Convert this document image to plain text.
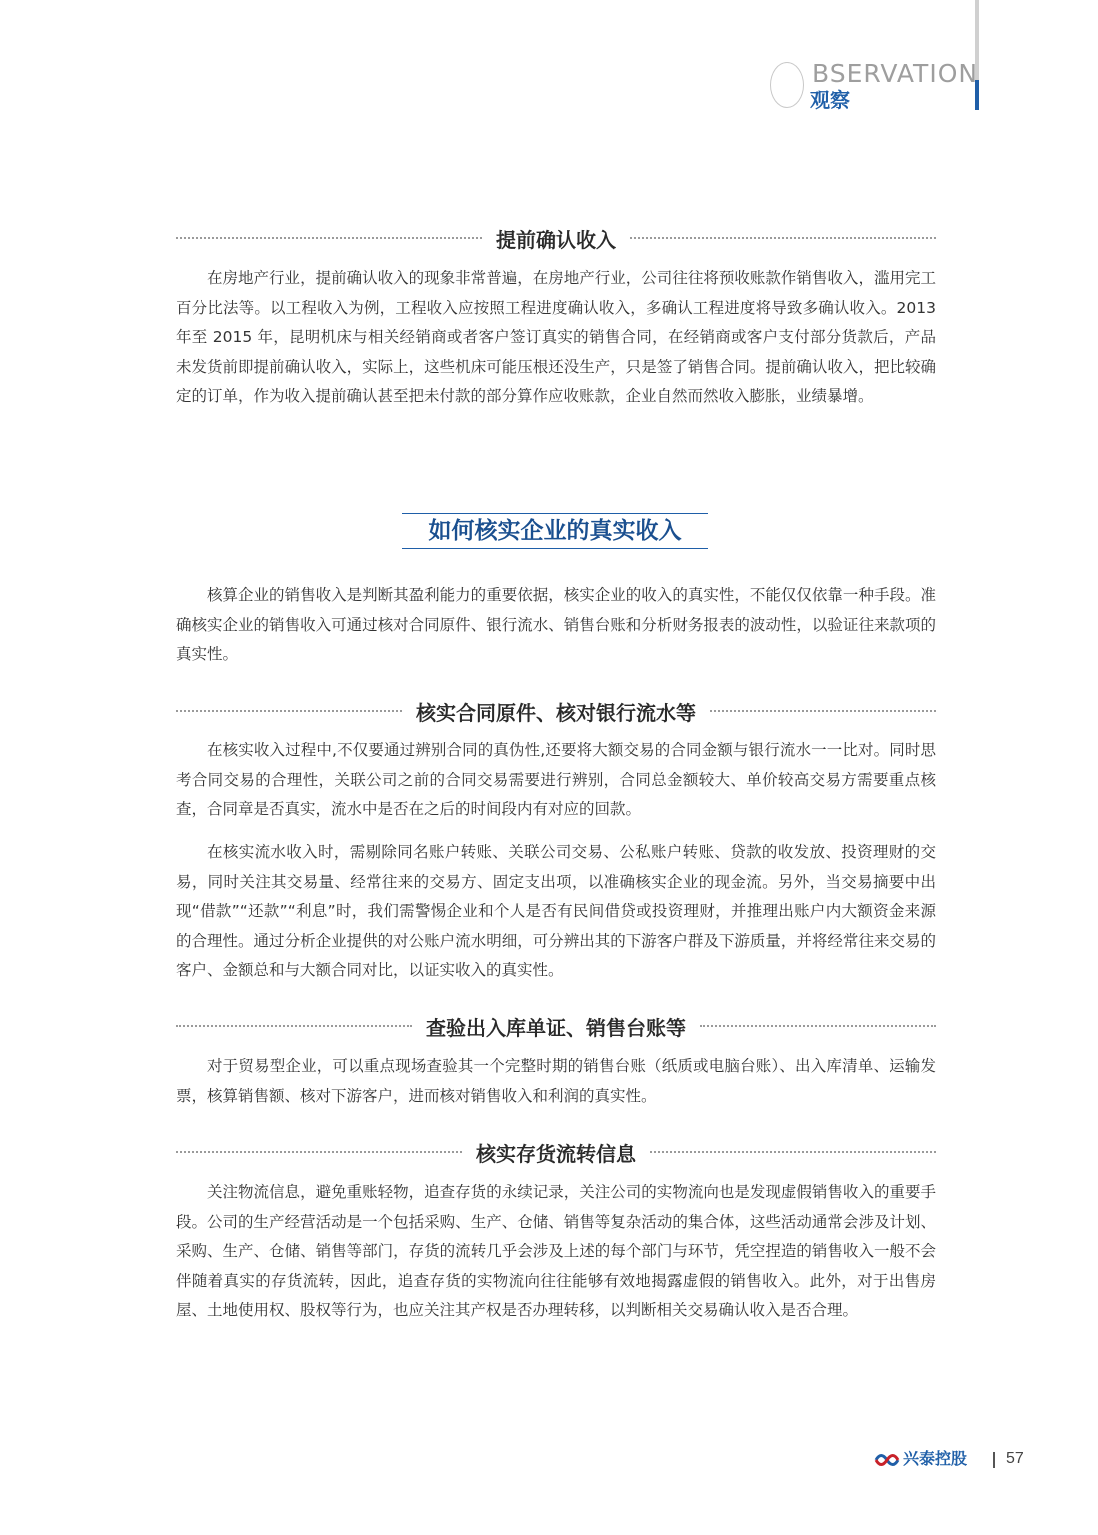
BSERVATION
观察
提前确认收入

在房地产行业，提前确认收入的现象非常普遍，在房地产行业，公司往往将预收账款作销售收入，滥用完工百分比法等。以工程收入为例，工程收入应按照工程进度确认收入，多确认工程进度将导致多确认收入。2013 年至 2015 年，昆明机床与相关经销商或者客户签订真实的销售合同，在经销商或客户支付部分货款后，产品未发货前即提前确认收入，实际上，这些机床可能压根还没生产，只是签了销售合同。提前确认收入，把比较确定的订单，作为收入提前确认甚至把未付款的部分算作应收账款，企业自然而然收入膨胀，业绩暴增。

如何核实企业的真实收入

核算企业的销售收入是判断其盈利能力的重要依据，核实企业的收入的真实性，不能仅仅依靠一种手段。准确核实企业的销售收入可通过核对合同原件、银行流水、销售台账和分析财务报表的波动性，以验证往来款项的真实性。

核实合同原件、核对银行流水等

在核实收入过程中,不仅要通过辨别合同的真伪性,还要将大额交易的合同金额与银行流水一一比对。同时思考合同交易的合理性，关联公司之前的合同交易需要进行辨别，合同总金额较大、单价较高交易方需要重点核查，合同章是否真实，流水中是否在之后的时间段内有对应的回款。

在核实流水收入时，需剔除同名账户转账、关联公司交易、公私账户转账、贷款的收发放、投资理财的交易，同时关注其交易量、经常往来的交易方、固定支出项，以准确核实企业的现金流。另外，当交易摘要中出现“借款”“还款”“利息”时，我们需警惕企业和个人是否有民间借贷或投资理财，并推理出账户内大额资金来源的合理性。通过分析企业提供的对公账户流水明细，可分辨出其的下游客户群及下游质量，并将经常往来交易的客户、金额总和与大额合同对比，以证实收入的真实性。

查验出入库单证、销售台账等

对于贸易型企业，可以重点现场查验其一个完整时期的销售台账（纸质或电脑台账）、出入库清单、运输发票，核算销售额、核对下游客户，进而核对销售收入和利润的真实性。

核实存货流转信息

关注物流信息，避免重账轻物，追查存货的永续记录，关注公司的实物流向也是发现虚假销售收入的重要手段。公司的生产经营活动是一个包括采购、生产、仓储、销售等复杂活动的集合体，这些活动通常会涉及计划、采购、生产、仓储、销售等部门，存货的流转几乎会涉及上述的每个部门与环节，凭空捏造的销售收入一般不会伴随着真实的存货流转，因此，追查存货的实物流向往往能够有效地揭露虚假的销售收入。此外，对于出售房屋、土地使用权、股权等行为，也应关注其产权是否办理转移，以判断相关交易确认收入是否合理。

兴泰控股 57
